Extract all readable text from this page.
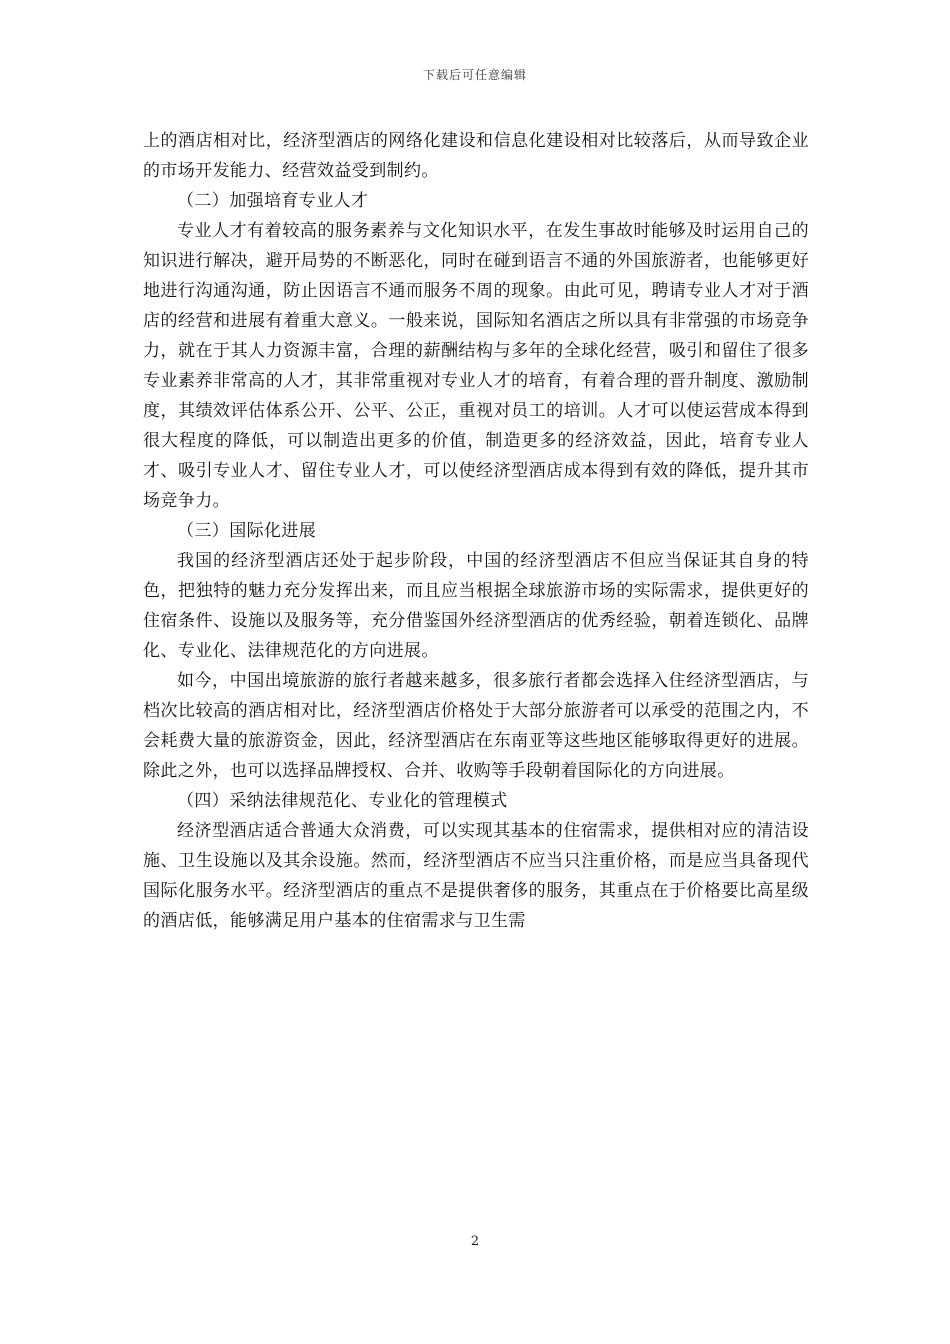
下载后可任意编辑

上的酒店相对比，经济型酒店的网络化建设和信息化建设相对比较落后，从而导致企业的市场开发能力、经营效益受到制约。

（二）加强培育专业人才

专业人才有着较高的服务素养与文化知识水平，在发生事故时能够及时运用自己的知识进行解决，避开局势的不断恶化，同时在碰到语言不通的外国旅游者，也能够更好地进行沟通沟通，防止因语言不通而服务不周的现象。由此可见，聘请专业人才对于酒店的经营和进展有着重大意义。一般来说，国际知名酒店之所以具有非常强的市场竞争力，就在于其人力资源丰富，合理的薪酬结构与多年的全球化经营，吸引和留住了很多专业素养非常高的人才，其非常重视对专业人才的培育，有着合理的晋升制度、激励制度，其绩效评估体系公开、公平、公正，重视对员工的培训。人才可以使运营成本得到很大程度的降低，可以制造出更多的价值，制造更多的经济效益，因此，培育专业人才、吸引专业人才、留住专业人才，可以使经济型酒店成本得到有效的降低，提升其市场竞争力。

（三）国际化进展

我国的经济型酒店还处于起步阶段，中国的经济型酒店不但应当保证其自身的特色，把独特的魅力充分发挥出来，而且应当根据全球旅游市场的实际需求，提供更好的住宿条件、设施以及服务等，充分借鉴国外经济型酒店的优秀经验，朝着连锁化、品牌化、专业化、法律规范化的方向进展。

如今，中国出境旅游的旅行者越来越多，很多旅行者都会选择入住经济型酒店，与档次比较高的酒店相对比，经济型酒店价格处于大部分旅游者可以承受的范围之内，不会耗费大量的旅游资金，因此，经济型酒店在东南亚等这些地区能够取得更好的进展。除此之外，也可以选择品牌授权、合并、收购等手段朝着国际化的方向进展。

（四）采纳法律规范化、专业化的管理模式

经济型酒店适合普通大众消费，可以实现其基本的住宿需求，提供相对应的清洁设施、卫生设施以及其余设施。然而，经济型酒店不应当只注重价格，而是应当具备现代国际化服务水平。经济型酒店的重点不是提供奢侈的服务，其重点在于价格要比高星级的酒店低，能够满足用户基本的住宿需求与卫生需

2
